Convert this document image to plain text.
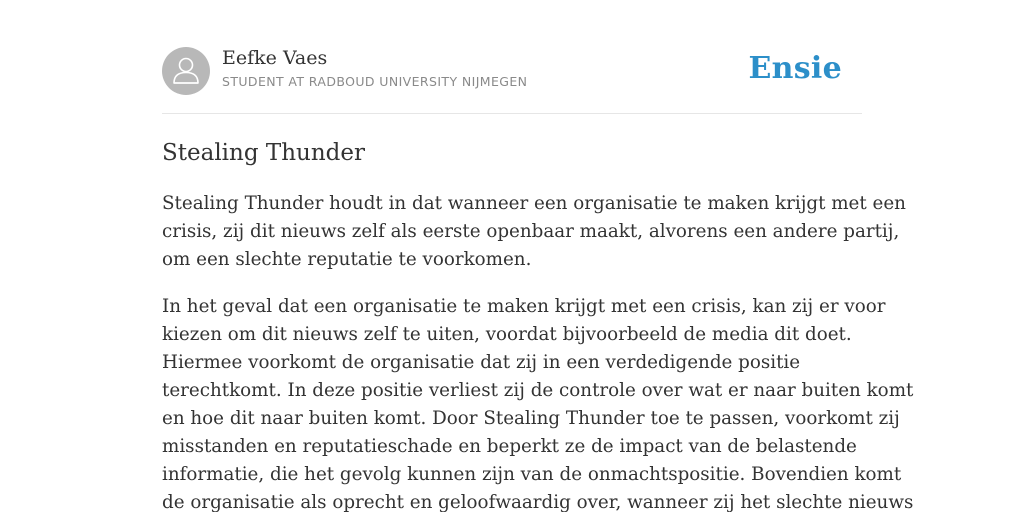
Eefke Vaes
STUDENT AT RADBOUD UNIVERSITY NIJMEGEN	Ensie
Stealing Thunder

Stealing Thunder houdt in dat wanneer een organisatie te maken krijgt met een
crisis, zij dit nieuws zelf als eerste openbaar maakt, alvorens een andere partij,
om een slechte reputatie te voorkomen.

In het geval dat een organisatie te maken krijgt met een crisis, kan zij er voor
kiezen om dit nieuws zelf te uiten, voordat bijvoorbeeld de media dit doet.
Hiermee voorkomt de organisatie dat zij in een verdedigende positie
terechtkomt. In deze positie verliest zij de controle over wat er naar buiten komt
en hoe dit naar buiten komt. Door Stealing Thunder toe te passen, voorkomt zij
misstanden en reputatieschade en beperkt ze de impact van de belastende
informatie, die het gevolg kunnen zijn van de onmachtspositie. Bovendien komt
de organisatie als oprecht en geloofwaardig over, wanneer zij het slechte nieuws
